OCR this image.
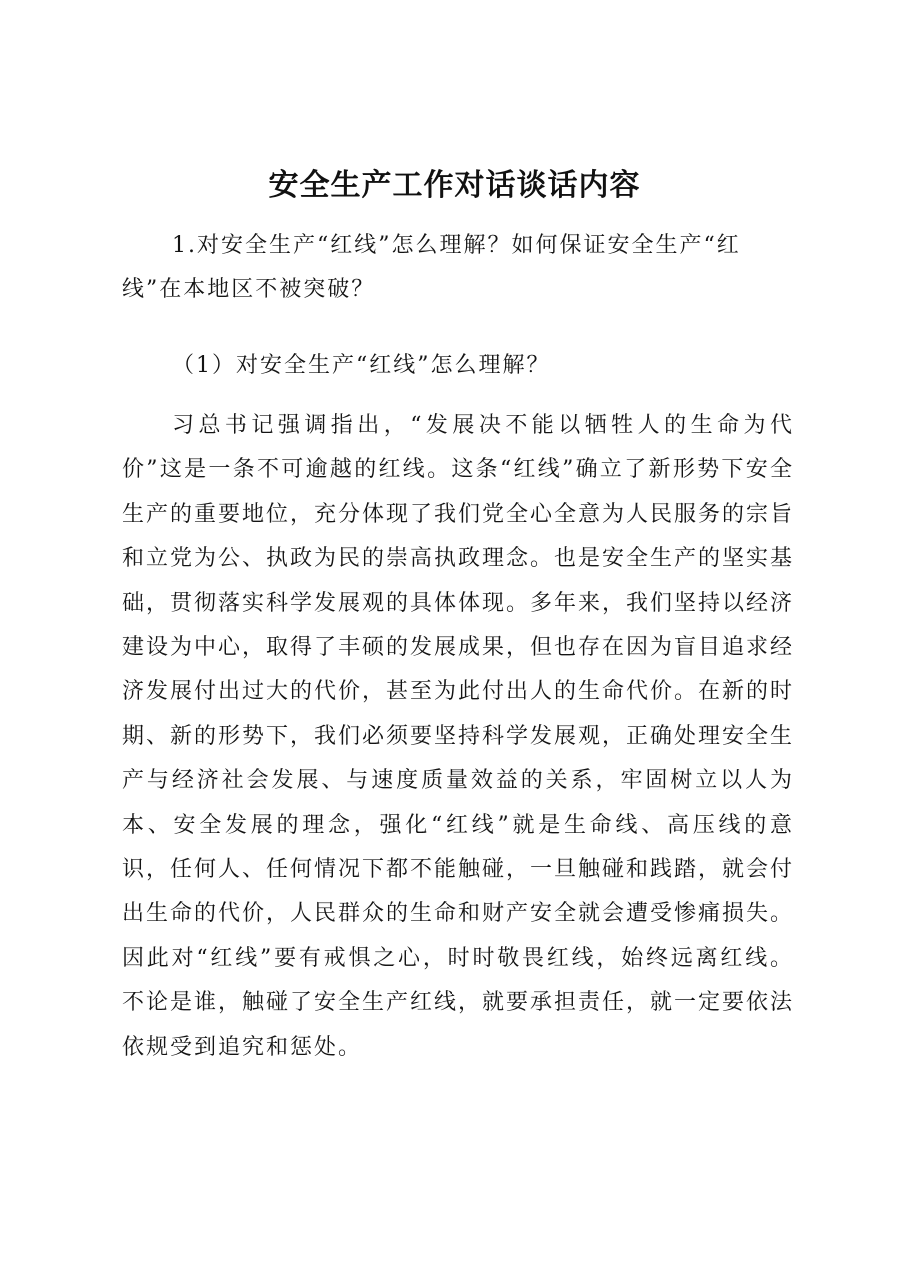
安全生产工作对话谈话内容
1.对安全生产“红线”怎么理解？如何保证安全生产“红线”在本地区不被突破？
（1）对安全生产“红线”怎么理解？
习总书记强调指出，“发展决不能以牺牲人的生命为代价”这是一条不可逾越的红线。这条“红线”确立了新形势下安全生产的重要地位，充分体现了我们党全心全意为人民服务的宗旨和立党为公、执政为民的崇高执政理念。也是安全生产的坚实基础，贯彻落实科学发展观的具体体现。多年来，我们坚持以经济建设为中心，取得了丰硕的发展成果，但也存在因为盲目追求经济发展付出过大的代价，甚至为此付出人的生命代价。在新的时期、新的形势下，我们必须要坚持科学发展观，正确处理安全生产与经济社会发展、与速度质量效益的关系，牢固树立以人为本、安全发展的理念，强化“红线”就是生命线、高压线的意识，任何人、任何情况下都不能触碰，一旦触碰和践踏，就会付出生命的代价，人民群众的生命和财产安全就会遭受惨痛损失。因此对“红线”要有戒惧之心，时时敬畏红线，始终远离红线。不论是谁，触碰了安全生产红线，就要承担责任，就一定要依法依规受到追究和惩处。
